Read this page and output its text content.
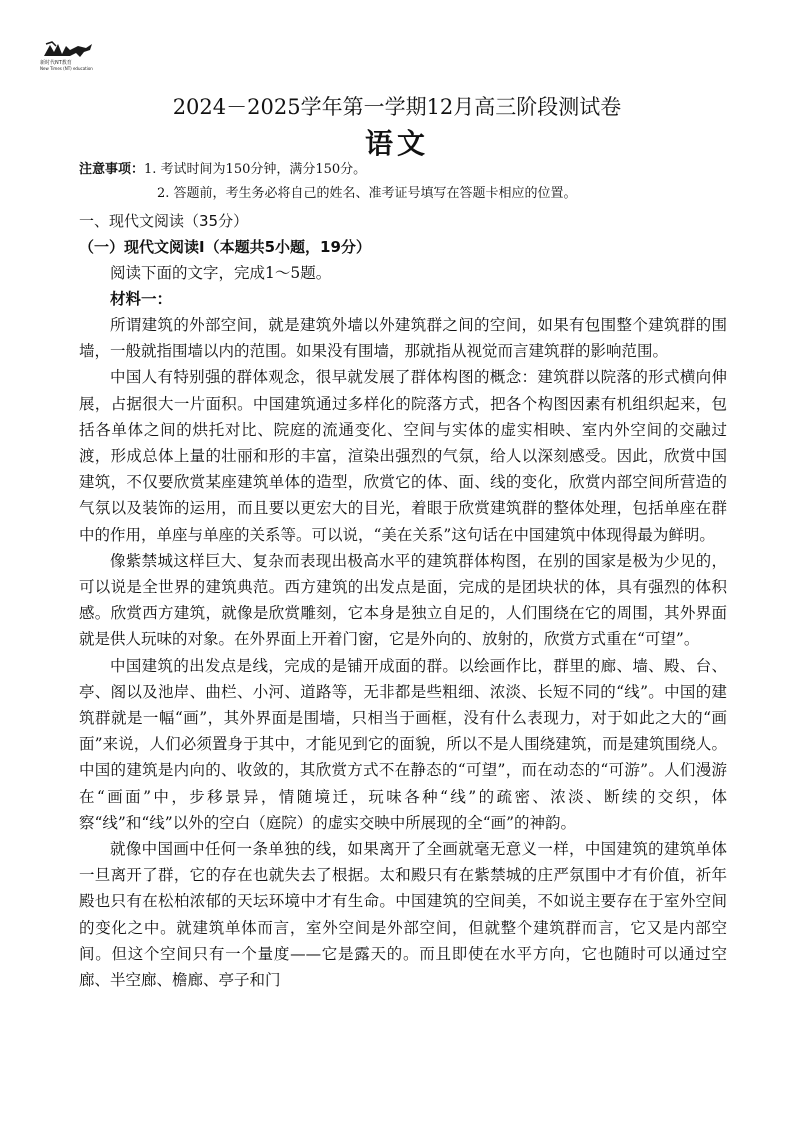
新时代NT教育
New Times (NT) education
2024－2025学年第一学期12月高三阶段测试卷
语文
注意事项： 1. 考试时间为150分钟，满分150分。
2. 答题前，考生务必将自己的姓名、准考证号填写在答题卡相应的位置。
一、现代文阅读（35分）
（一）现代文阅读Ⅰ（本题共5小题，19分）
阅读下面的文字，完成1～5题。
材料一：

所谓建筑的外部空间，就是建筑外墙以外建筑群之间的空间，如果有包围整个建筑群的围墙，一般就指围墙以内的范围。如果没有围墙，那就指从视觉而言建筑群的影响范围。

中国人有特别强的群体观念，很早就发展了群体构图的概念：建筑群以院落的形式横向伸展，占据很大一片面积。中国建筑通过多样化的院落方式，把各个构图因素有机组织起来，包括各单体之间的烘托对比、院庭的流通变化、空间与实体的虚实相映、室内外空间的交融过渡，形成总体上量的壮丽和形的丰富，渲染出强烈的气氛，给人以深刻感受。因此，欣赏中国建筑，不仅要欣赏某座建筑单体的造型，欣赏它的体、面、线的变化，欣赏内部空间所营造的气氛以及装饰的运用，而且要以更宏大的目光，着眼于欣赏建筑群的整体处理，包括单座在群中的作用，单座与单座的关系等。可以说，“美在关系”这句话在中国建筑中体现得最为鲜明。

像紫禁城这样巨大、复杂而表现出极高水平的建筑群体构图，在别的国家是极为少见的，可以说是全世界的建筑典范。西方建筑的出发点是面，完成的是团块状的体，具有强烈的体积感。欣赏西方建筑，就像是欣赏雕刻，它本身是独立自足的，人们围绕在它的周围，其外界面就是供人玩味的对象。在外界面上开着门窗，它是外向的、放射的，欣赏方式重在“可望”。

中国建筑的出发点是线，完成的是铺开成面的群。以绘画作比，群里的廊、墙、殿、台、亭、阁以及池岸、曲栏、小河、道路等，无非都是些粗细、浓淡、长短不同的“线”。中国的建筑群就是一幅“画”，其外界面是围墙，只相当于画框，没有什么表现力，对于如此之大的“画面”来说，人们必须置身于其中，才能见到它的面貌，所以不是人围绕建筑，而是建筑围绕人。中国的建筑是内向的、收敛的，其欣赏方式不在静态的“可望”，而在动态的“可游”。人们漫游在“画面”中，步移景异，情随境迁，玩味各种“线”的疏密、浓淡、断续的交织，体察“线”和“线”以外的空白（庭院）的虚实交映中所展现的全“画”的神韵。

就像中国画中任何一条单独的线，如果离开了全画就毫无意义一样，中国建筑的建筑单体一旦离开了群，它的存在也就失去了根据。太和殿只有在紫禁城的庄严氛围中才有价值，祈年殿也只有在松柏浓郁的天坛环境中才有生命。中国建筑的空间美，不如说主要存在于室外空间的变化之中。就建筑单体而言，室外空间是外部空间，但就整个建筑群而言，它又是内部空间。但这个空间只有一个量度——它是露天的。而且即使在水平方向，它也随时可以通过空廊、半空廊、檐廊、亭子和门
